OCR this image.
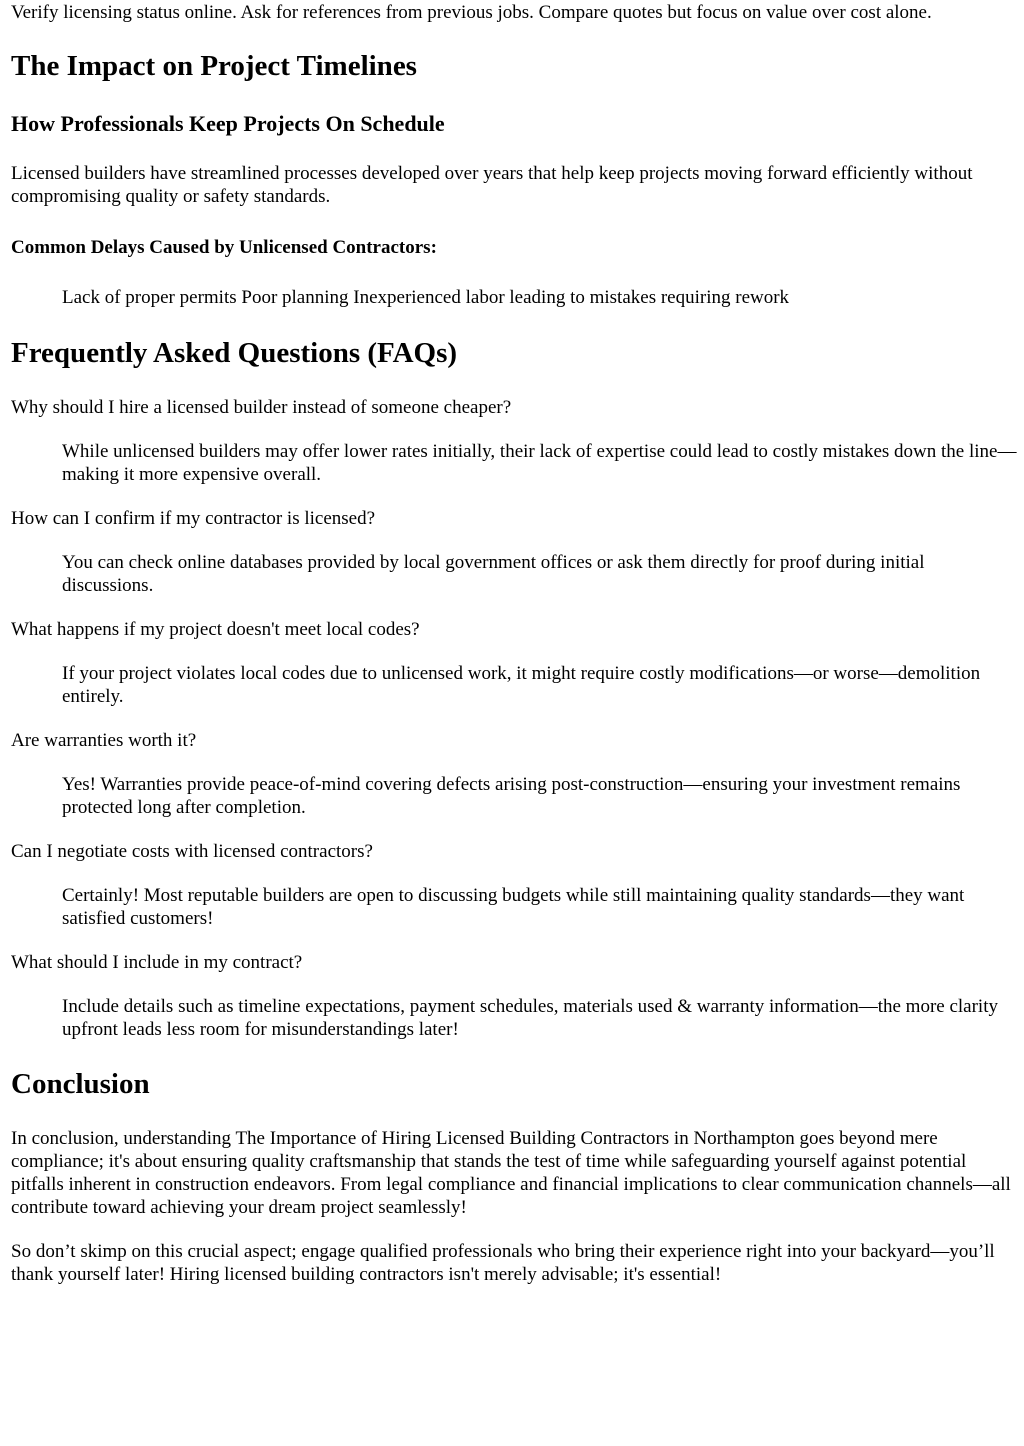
Verify licensing status online. Ask for references from previous jobs. Compare quotes but focus on value over cost alone.

The Impact on Project Timelines
How Professionals Keep Projects On Schedule

Licensed builders have streamlined processes developed over years that help keep projects moving forward efficiently without compromising quality or safety standards.

Common Delays Caused by Unlicensed Contractors:

Lack of proper permits Poor planning Inexperienced labor leading to mistakes requiring rework

Frequently Asked Questions (FAQs)

Why should I hire a licensed builder instead of someone cheaper?

While unlicensed builders may offer lower rates initially, their lack of expertise could lead to costly mistakes down the line—making it more expensive overall.

How can I confirm if my contractor is licensed?

You can check online databases provided by local government offices or ask them directly for proof during initial discussions.

What happens if my project doesn't meet local codes?

If your project violates local codes due to unlicensed work, it might require costly modifications—or worse—demolition entirely.

Are warranties worth it?

Yes! Warranties provide peace-of-mind covering defects arising post-construction—ensuring your investment remains protected long after completion.

Can I negotiate costs with licensed contractors?

Certainly! Most reputable builders are open to discussing budgets while still maintaining quality standards—they want satisfied customers!

What should I include in my contract?

Include details such as timeline expectations, payment schedules, materials used & warranty information—the more clarity upfront leads less room for misunderstandings later!

Conclusion

In conclusion, understanding The Importance of Hiring Licensed Building Contractors in Northampton goes beyond mere compliance; it's about ensuring quality craftsmanship that stands the test of time while safeguarding yourself against potential pitfalls inherent in construction endeavors. From legal compliance and financial implications to clear communication channels—all contribute toward achieving your dream project seamlessly!

So don’t skimp on this crucial aspect; engage qualified professionals who bring their experience right into your backyard—you’ll thank yourself later! Hiring licensed building contractors isn't merely advisable; it's essential!
